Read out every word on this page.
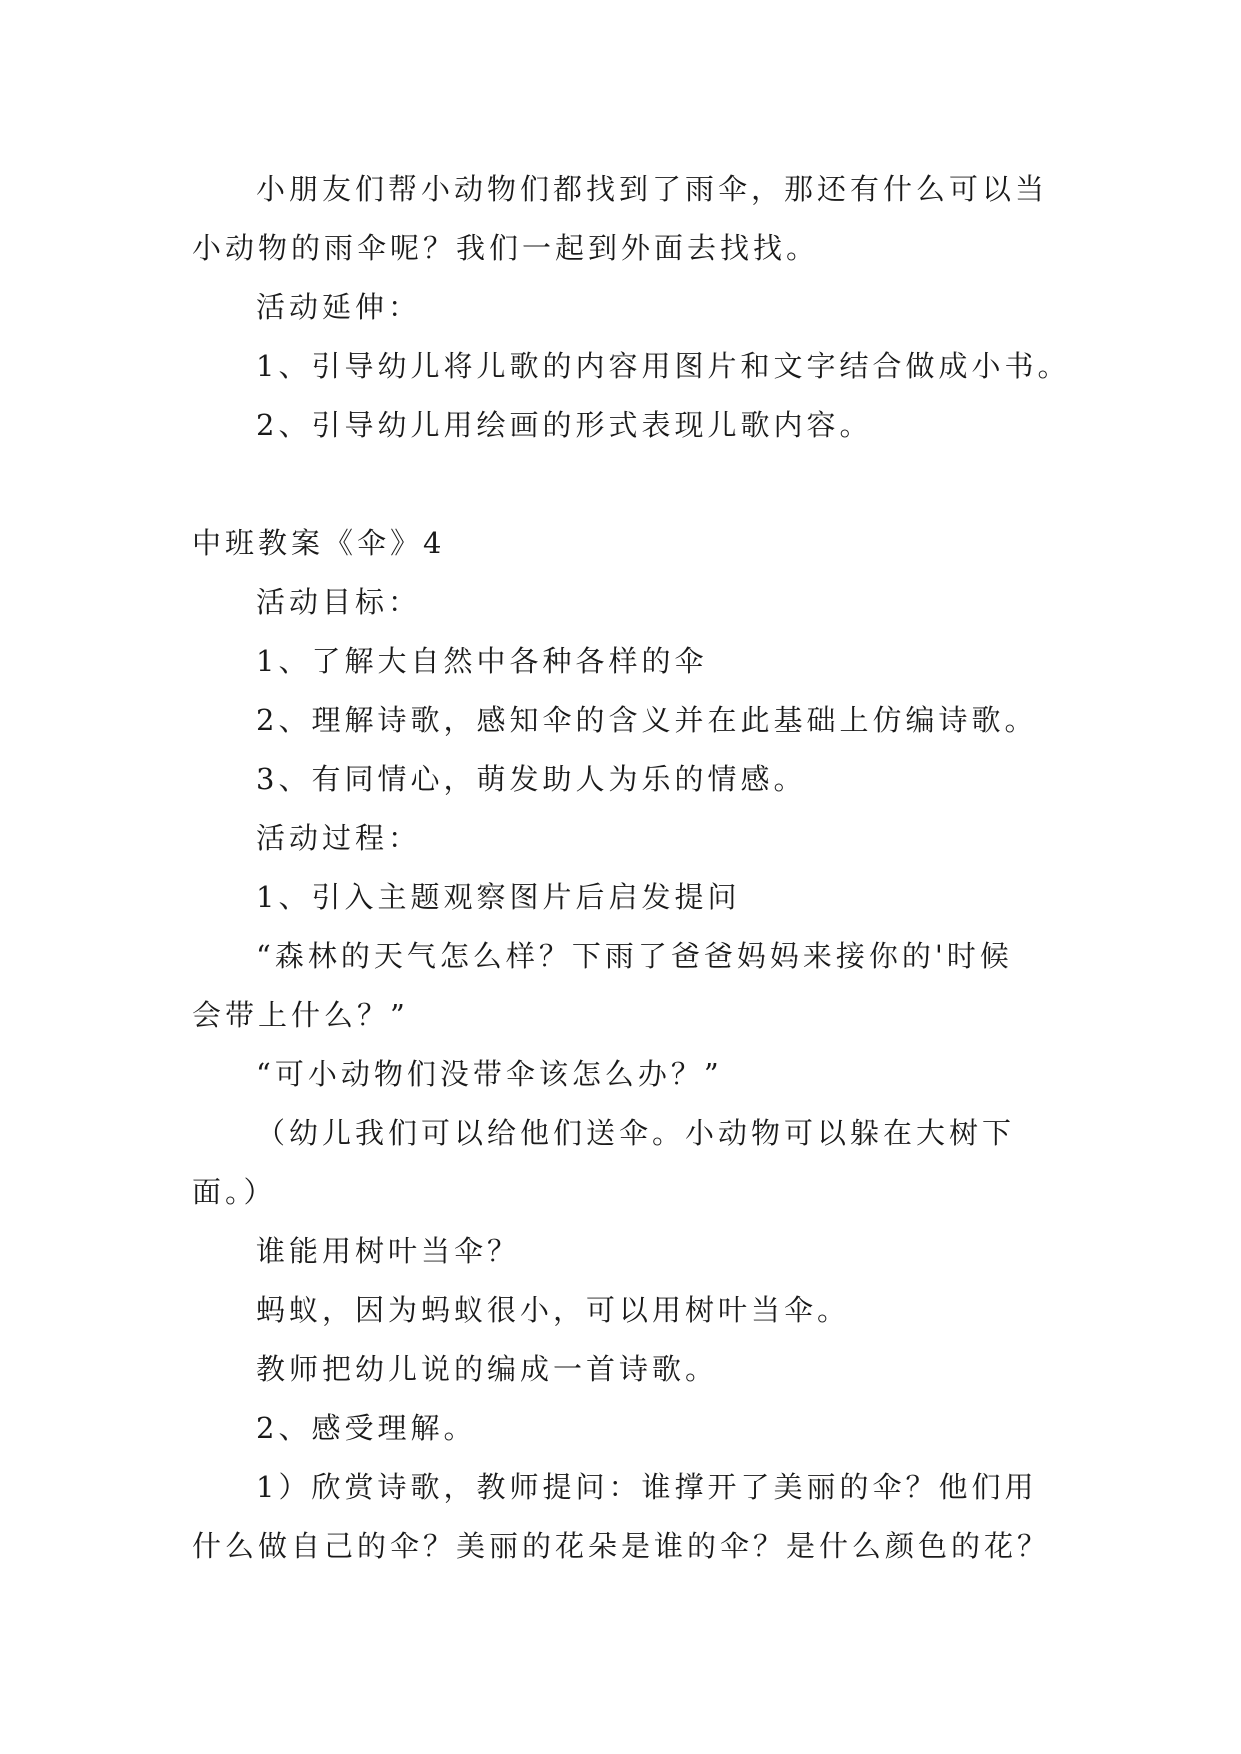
小朋友们帮小动物们都找到了雨伞，那还有什么可以当
小动物的雨伞呢？我们一起到外面去找找。

活动延伸：

1、引导幼儿将儿歌的内容用图片和文字结合做成小书。

2、引导幼儿用绘画的形式表现儿歌内容。

中班教案《伞》4

活动目标：

1、了解大自然中各种各样的伞

2、理解诗歌，感知伞的含义并在此基础上仿编诗歌。

3、有同情心，萌发助人为乐的情感。

活动过程：

1、引入主题观察图片后启发提问

“森林的天气怎么样？下雨了爸爸妈妈来接你的'时候
会带上什么？”

“可小动物们没带伞该怎么办？”

（幼儿我们可以给他们送伞。小动物可以躲在大树下
面。）

谁能用树叶当伞？

蚂蚁，因为蚂蚁很小，可以用树叶当伞。

教师把幼儿说的编成一首诗歌。

2、感受理解。

1）欣赏诗歌，教师提问：谁撑开了美丽的伞？他们用
什么做自己的伞？美丽的花朵是谁的伞？是什么颜色的花？
